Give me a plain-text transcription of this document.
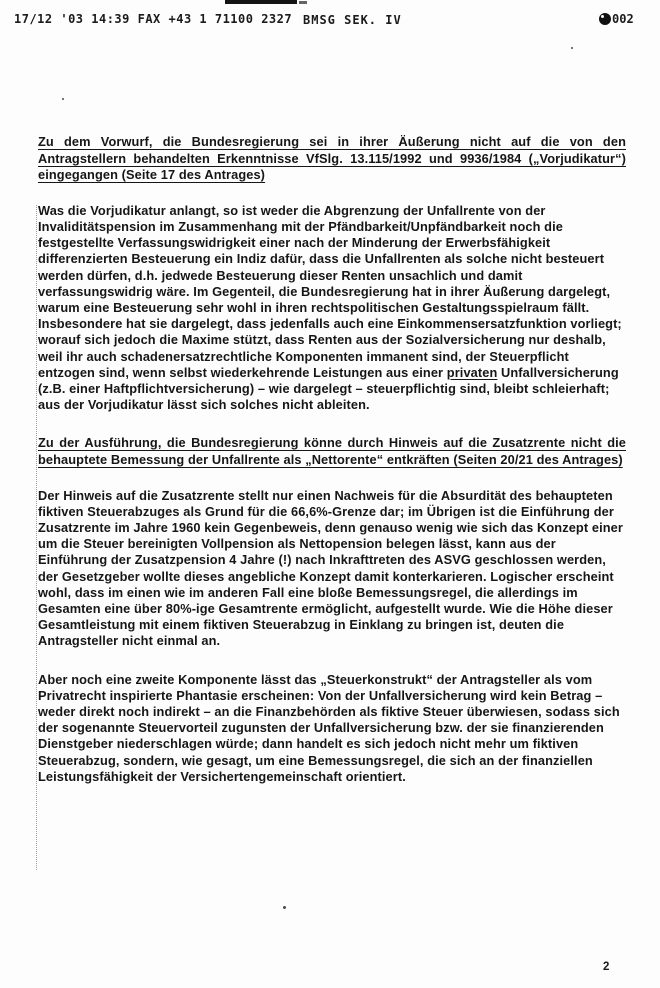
17/12 '03 14:39 FAX +43 1 71100 2327 BMSG SEK. IV	002
Zu dem Vorwurf, die Bundesregierung sei in ihrer Äußerung nicht auf die von den Antragstellern behandelten Erkenntnisse VfSlg. 13.115/1992 und 9936/1984 („Vorjudikatur“) eingegangen (Seite 17 des Antrages)

Was die Vorjudikatur anlangt, so ist weder die Abgrenzung der Unfallrente von der Invaliditätspension im Zusammenhang mit der Pfändbarkeit/Unpfändbarkeit noch die festgestellte Verfassungswidrigkeit einer nach der Minderung der Erwerbsfähigkeit differenzierten Besteuerung ein Indiz dafür, dass die Unfallrenten als solche nicht besteuert werden dürfen, d.h. jedwede Besteuerung dieser Renten unsachlich und damit verfassungswidrig wäre. Im Gegenteil, die Bundesregierung hat in ihrer Äußerung dargelegt, warum eine Besteuerung sehr wohl in ihren rechtspolitischen Gestaltungsspielraum fällt. Insbesondere hat sie dargelegt, dass jedenfalls auch eine Einkommensersatzfunktion vorliegt; worauf sich jedoch die Maxime stützt, dass Renten aus der Sozialversicherung nur deshalb, weil ihr auch schadenersatzrechtliche Komponenten immanent sind, der Steuerpflicht entzogen sind, wenn selbst wiederkehrende Leistungen aus einer privaten Unfallversicherung (z.B. einer Haftpflichtversicherung) – wie dargelegt – steuerpflichtig sind, bleibt schleierhaft; aus der Vorjudikatur lässt sich solches nicht ableiten.

Zu der Ausführung, die Bundesregierung könne durch Hinweis auf die Zusatzrente nicht die behauptete Bemessung der Unfallrente als „Nettorente“ entkräften (Seiten 20/21 des Antrages)

Der Hinweis auf die Zusatzrente stellt nur einen Nachweis für die Absurdität des behaupteten fiktiven Steuerabzuges als Grund für die 66,6%-Grenze dar; im Übrigen ist die Einführung der Zusatzrente im Jahre 1960 kein Gegenbeweis, denn genauso wenig wie sich das Konzept einer um die Steuer bereinigten Vollpension als Nettopension belegen lässt, kann aus der Einführung der Zusatzpension 4 Jahre (!) nach Inkrafttreten des ASVG geschlossen werden, der Gesetzgeber wollte dieses angebliche Konzept damit konterkarieren. Logischer erscheint wohl, dass im einen wie im anderen Fall eine bloße Bemessungsregel, die allerdings im Gesamten eine über 80%-ige Gesamtrente ermöglicht, aufgestellt wurde. Wie die Höhe dieser Gesamtleistung mit einem fiktiven Steuerabzug in Einklang zu bringen ist, deuten die Antragsteller nicht einmal an.

Aber noch eine zweite Komponente lässt das „Steuerkonstrukt“ der Antragsteller als vom Privatrecht inspirierte Phantasie erscheinen: Von der Unfallversicherung wird kein Betrag – weder direkt noch indirekt – an die Finanzbehörden als fiktive Steuer überwiesen, sodass sich der sogenannte Steuervorteil zugunsten der Unfallversicherung bzw. der sie finanzierenden Dienstgeber niederschlagen würde; dann handelt es sich jedoch nicht mehr um fiktiven Steuerabzug, sondern, wie gesagt, um eine Bemessungsregel, die sich an der finanziellen Leistungsfähigkeit der Versichertengemeinschaft orientiert.

2
